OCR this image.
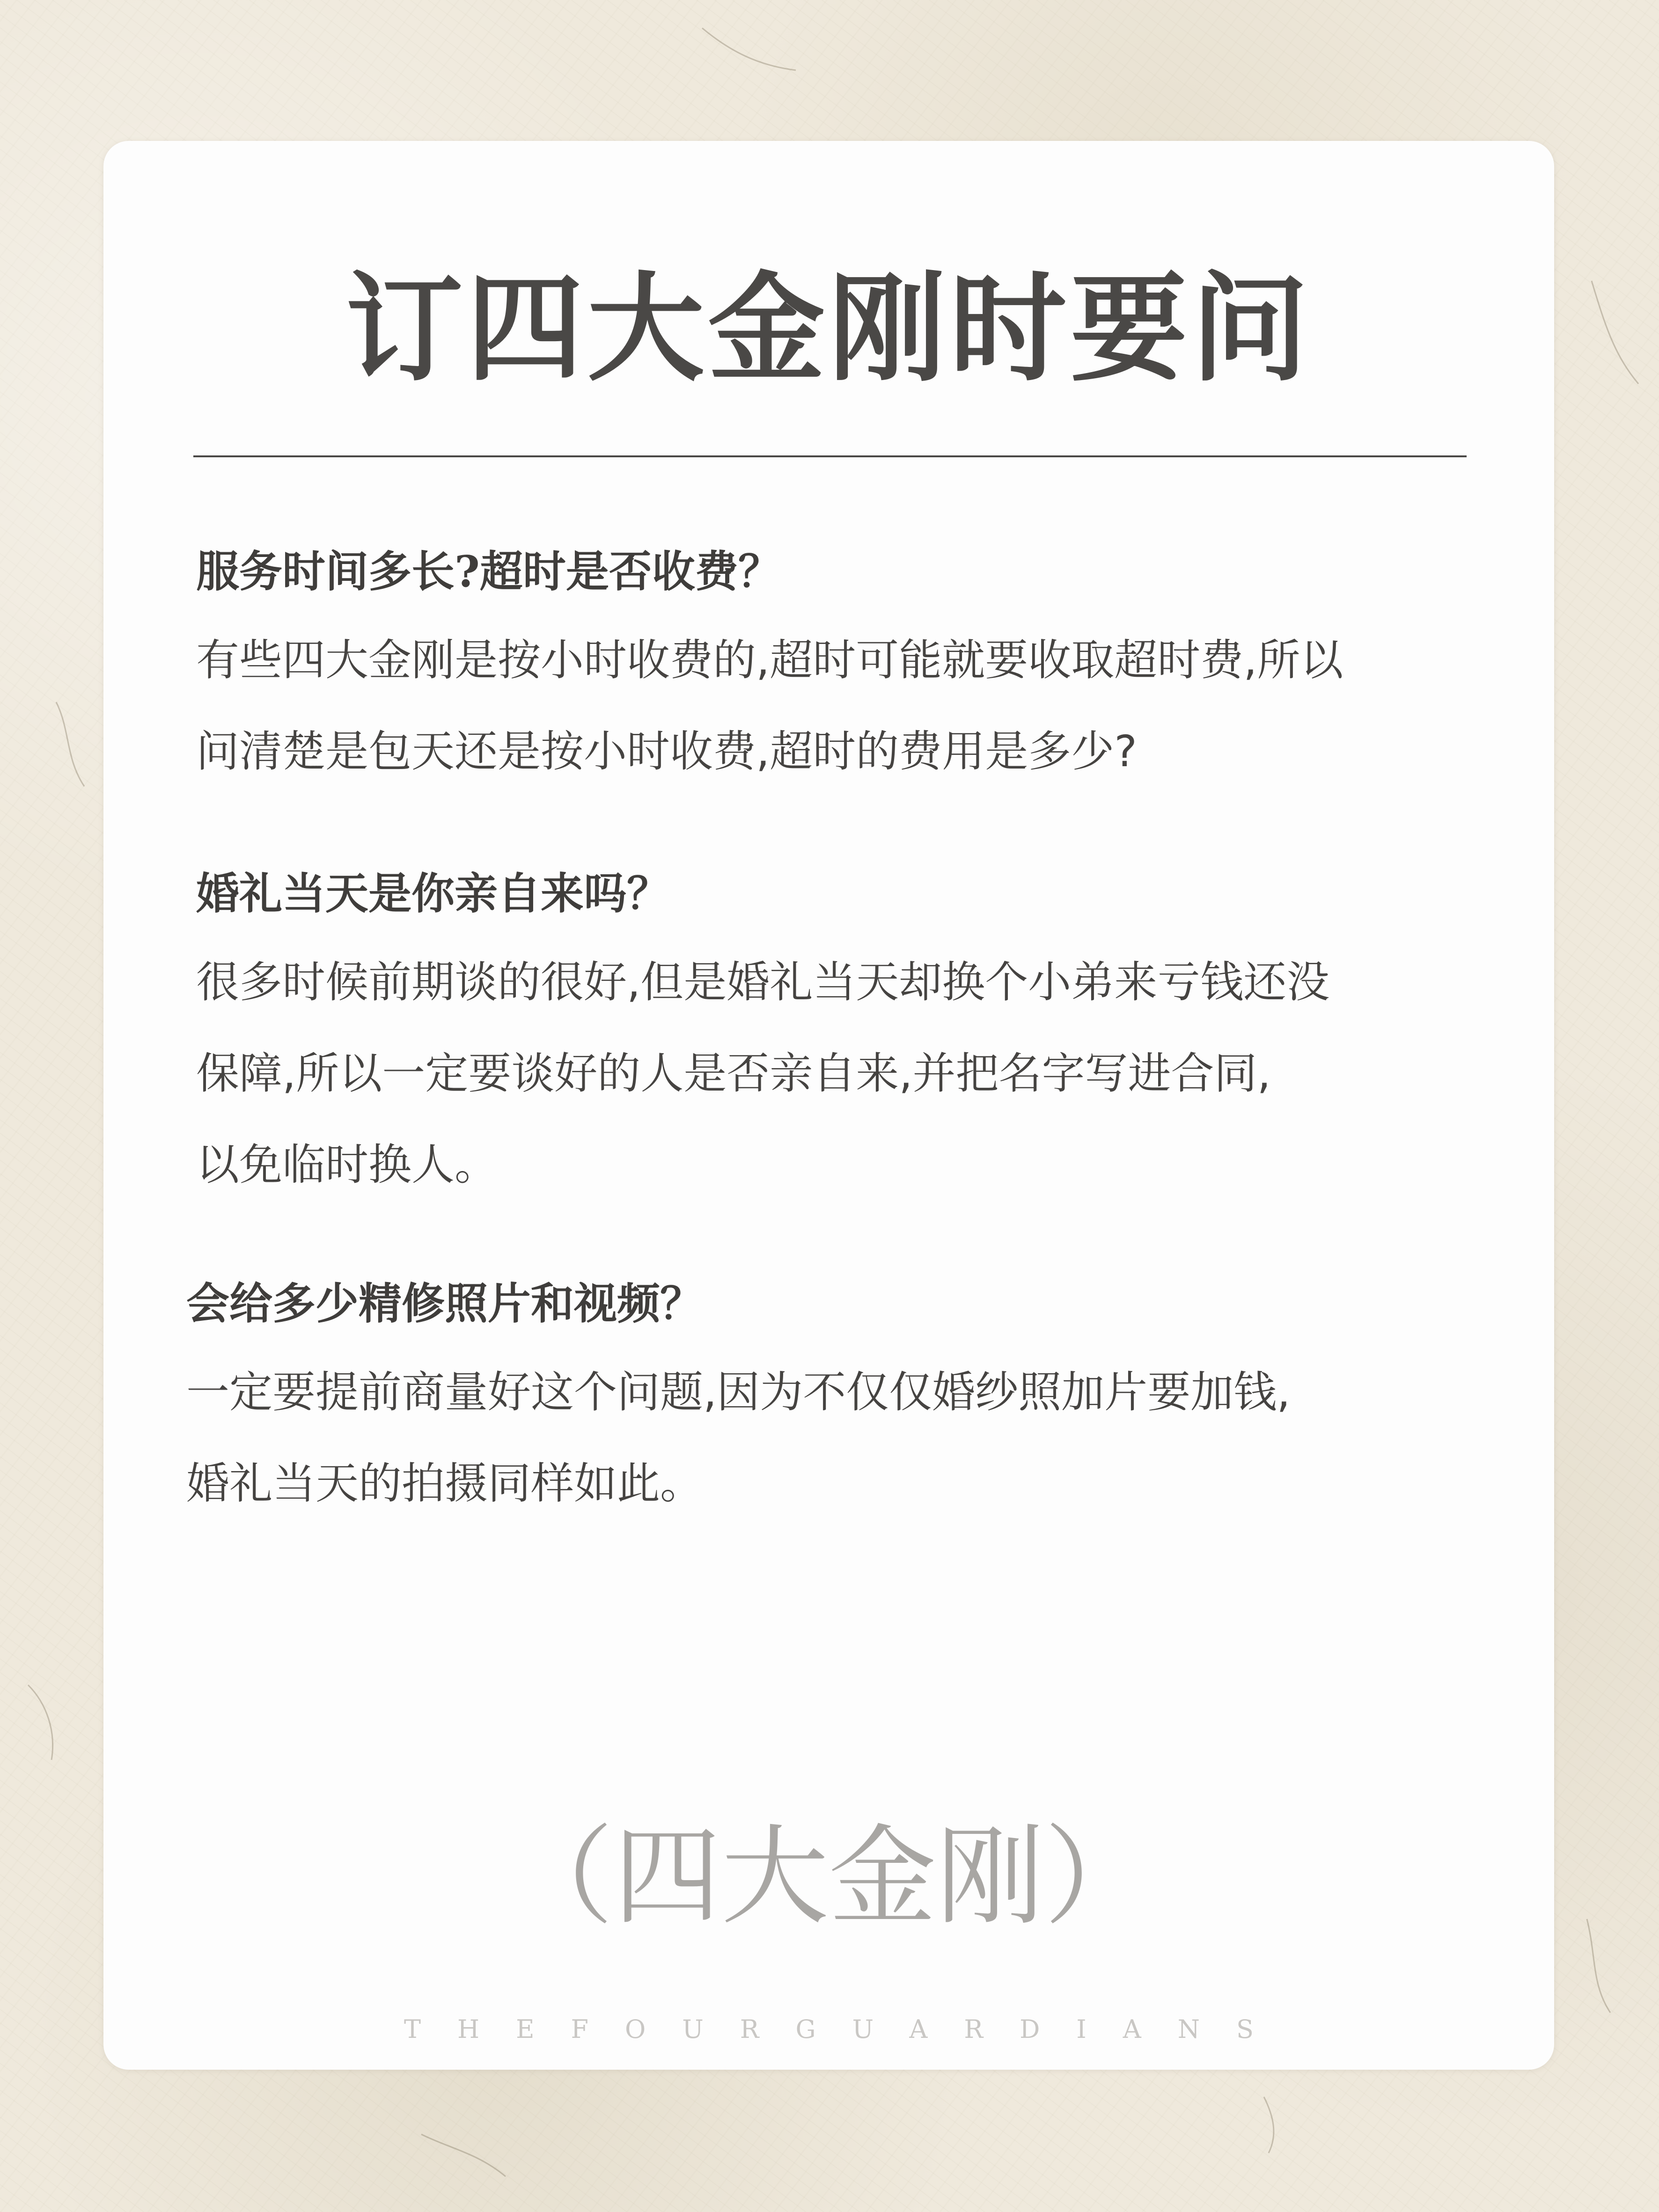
订四大金刚时要问

服务时间多长?超时是否收费？

有些四大金刚是按小时收费的,超时可能就要收取超时费,所以
问清楚是包天还是按小时收费,超时的费用是多少?

婚礼当天是你亲自来吗？

很多时候前期谈的很好,但是婚礼当天却换个小弟来亏钱还没
保障,所以一定要谈好的人是否亲自来,并把名字写进合同,
以免临时换人。

会给多少精修照片和视频？

一定要提前商量好这个问题,因为不仅仅婚纱照加片要加钱,
婚礼当天的拍摄同样如此。

（四大金刚）

THEFOURGUARDIANS
